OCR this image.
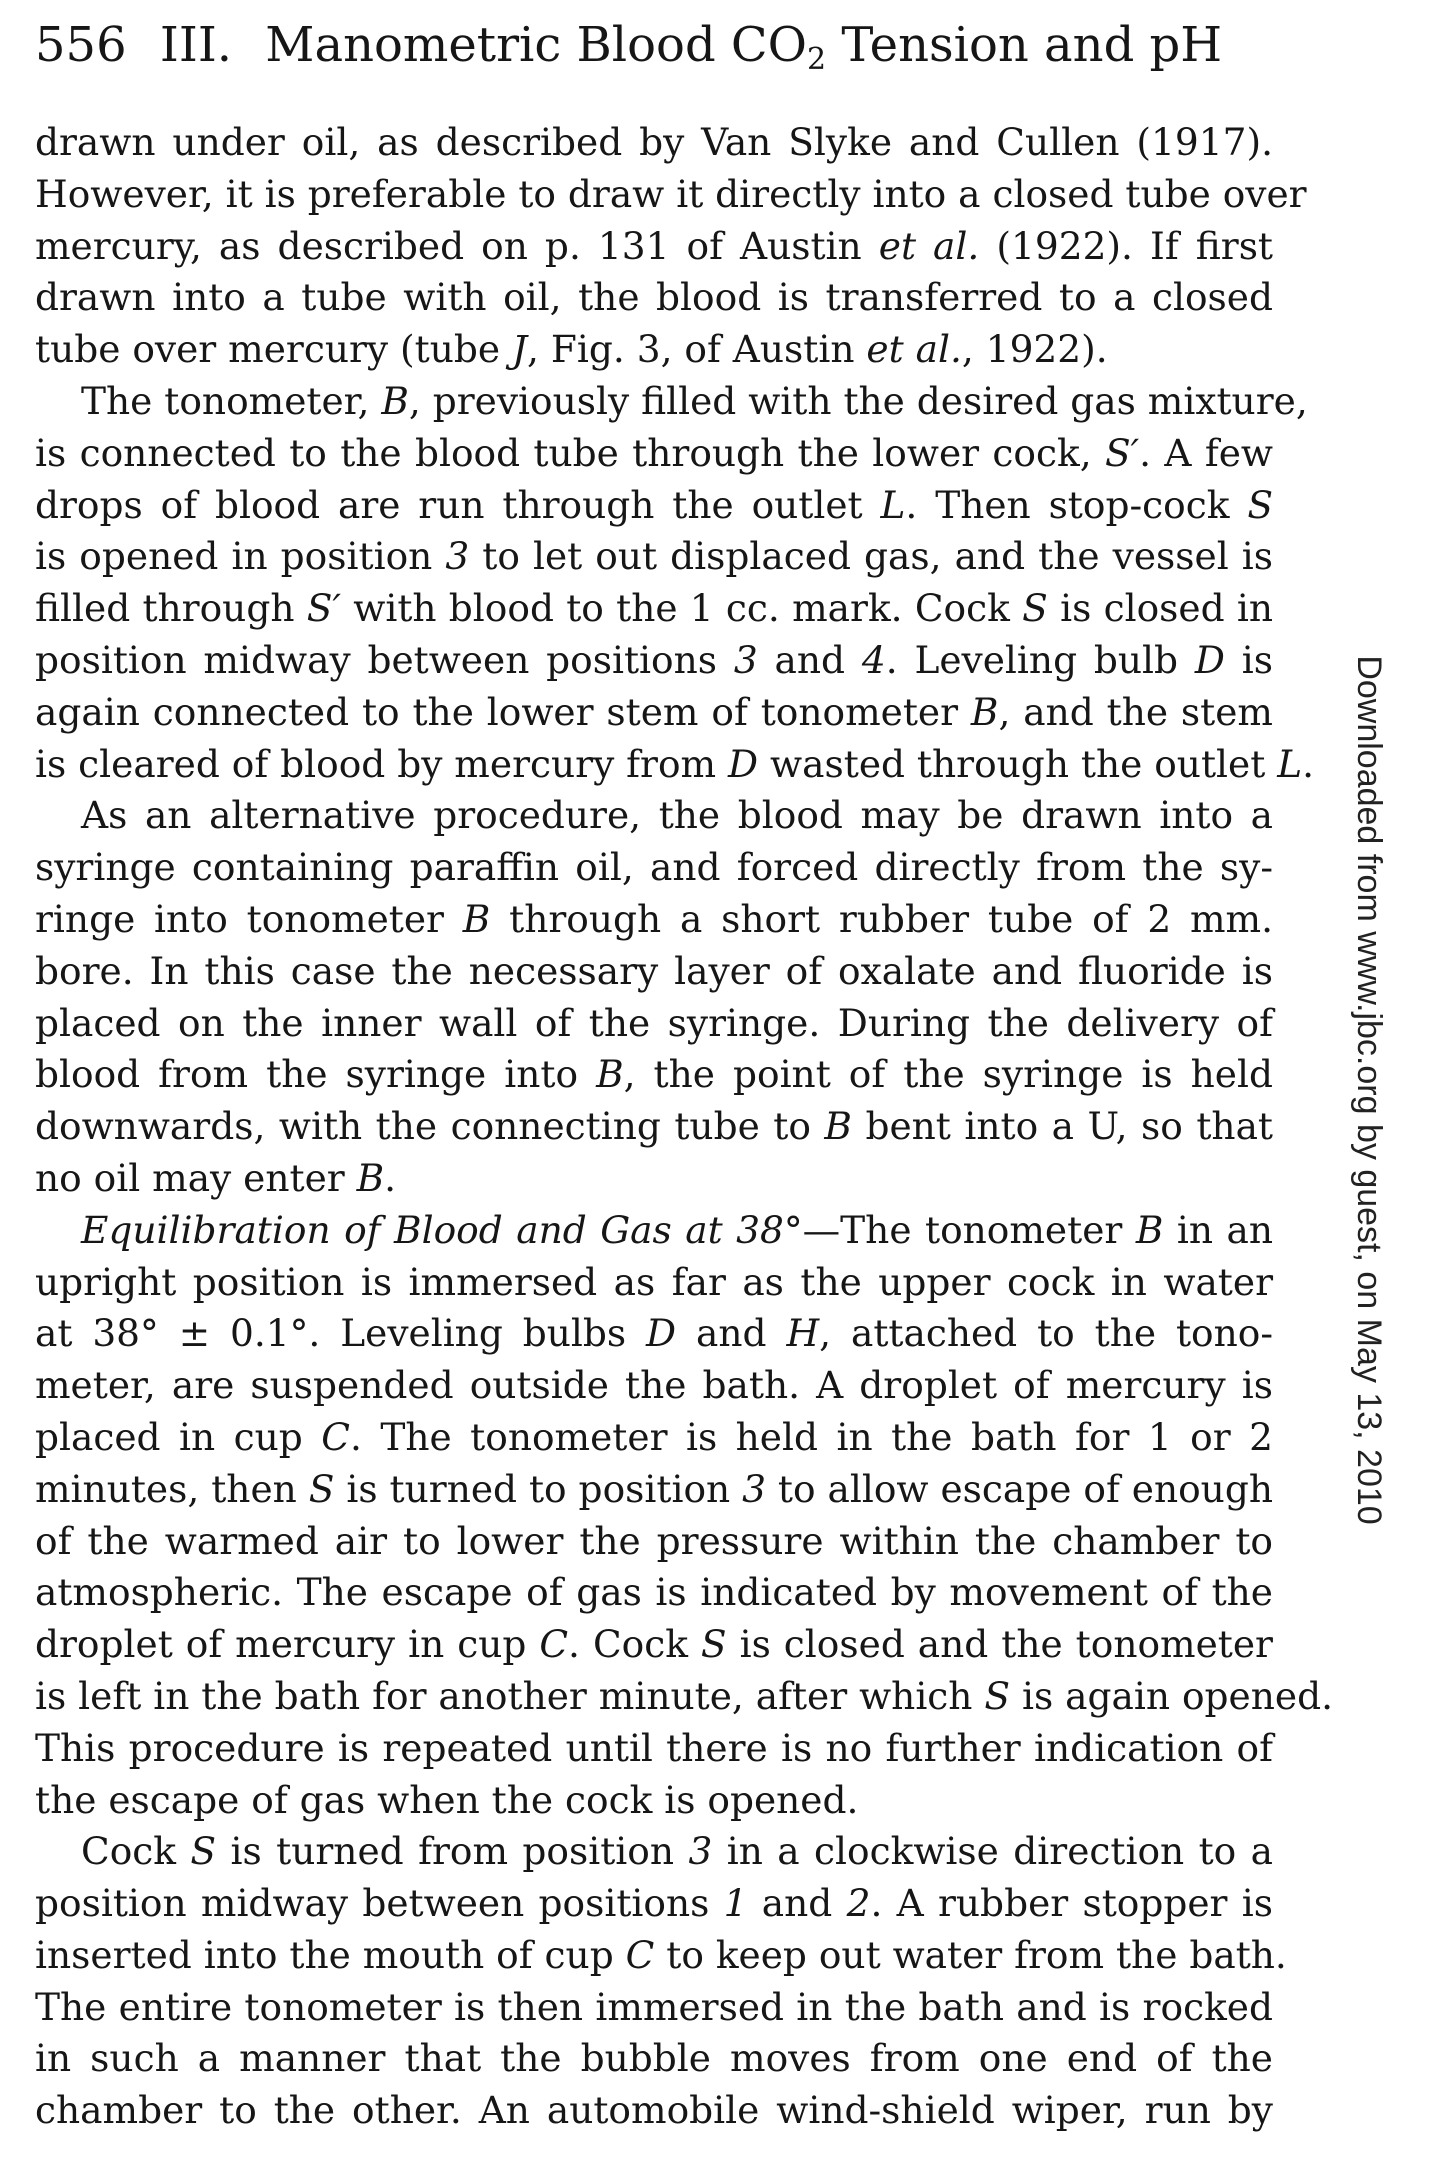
556 III. Manometric Blood $CO_2$ Tension and pH
drawn under oil, as described by Van Slyke and Cullen (1917).
However, it is preferable to draw it directly into a closed tube over
mercury, as described on p. 131 of Austin et al. (1922). If first
drawn into a tube with oil, the blood is transferred to a closed
tube over mercury (tube J, Fig. 3, of Austin et al., 1922).
The tonometer, B, previously filled with the desired gas mixture,
is connected to the blood tube through the lower cock, S′. A few
drops of blood are run through the outlet L. Then stop-cock S
is opened in position 3 to let out displaced gas, and the vessel is
filled through S′ with blood to the 1 cc. mark. Cock S is closed in
position midway between positions 3 and 4. Leveling bulb D is
again connected to the lower stem of tonometer B, and the stem
is cleared of blood by mercury from D wasted through the outlet L.
As an alternative procedure, the blood may be drawn into a
syringe containing paraffin oil, and forced directly from the sy-
ringe into tonometer B through a short rubber tube of 2 mm.
bore. In this case the necessary layer of oxalate and fluoride is
placed on the inner wall of the syringe. During the delivery of
blood from the syringe into B, the point of the syringe is held
downwards, with the connecting tube to B bent into a U, so that
no oil may enter B.
Equilibration of Blood and Gas at 38°—The tonometer B in an
upright position is immersed as far as the upper cock in water
at 38° ± 0.1°. Leveling bulbs D and H, attached to the tono-
meter, are suspended outside the bath. A droplet of mercury is
placed in cup C. The tonometer is held in the bath for 1 or 2
minutes, then S is turned to position 3 to allow escape of enough
of the warmed air to lower the pressure within the chamber to
atmospheric. The escape of gas is indicated by movement of the
droplet of mercury in cup C. Cock S is closed and the tonometer
is left in the bath for another minute, after which S is again opened.
This procedure is repeated until there is no further indication of
the escape of gas when the cock is opened.
Cock S is turned from position 3 in a clockwise direction to a
position midway between positions 1 and 2. A rubber stopper is
inserted into the mouth of cup C to keep out water from the bath.
The entire tonometer is then immersed in the bath and is rocked
in such a manner that the bubble moves from one end of the
chamber to the other. An automobile wind-shield wiper, run by
Downloaded from www.jbc.org by guest, on May 13, 2010
